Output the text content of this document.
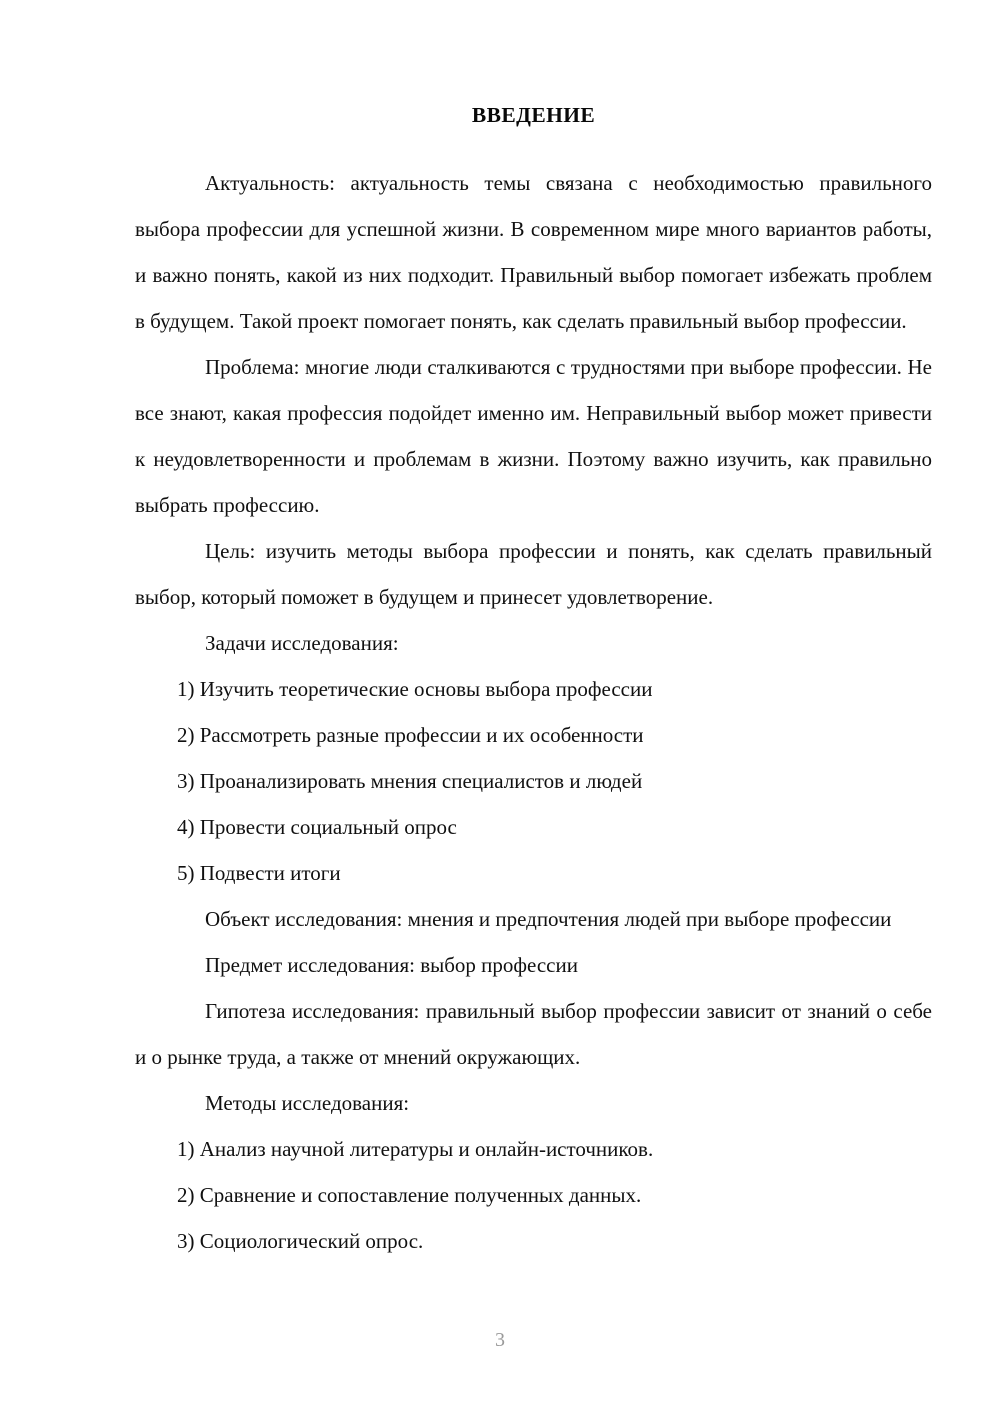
ВВЕДЕНИЕ

Актуальность: актуальность темы связана с необходимостью правильного выбора профессии для успешной жизни. В современном мире много вариантов работы, и важно понять, какой из них подходит. Правильный выбор помогает избежать проблем в будущем. Такой проект помогает понять, как сделать правильный выбор профессии.

Проблема: многие люди сталкиваются с трудностями при выборе профессии. Не все знают, какая профессия подойдет именно им. Неправильный выбор может привести к неудовлетворенности и проблемам в жизни. Поэтому важно изучить, как правильно выбрать профессию.

Цель: изучить методы выбора профессии и понять, как сделать правильный выбор, который поможет в будущем и принесет удовлетворение.

Задачи исследования:

1) Изучить теоретические основы выбора профессии

2) Рассмотреть разные профессии и их особенности

3) Проанализировать мнения специалистов и людей

4) Провести социальный опрос

5) Подвести итоги

Объект исследования: мнения и предпочтения людей при выборе профессии

Предмет исследования: выбор профессии

Гипотеза исследования: правильный выбор профессии зависит от знаний о себе и о рынке труда, а также от мнений окружающих.

Методы исследования:

1) Анализ научной литературы и онлайн-источников.

2) Сравнение и сопоставление полученных данных.

3) Социологический опрос.

3
